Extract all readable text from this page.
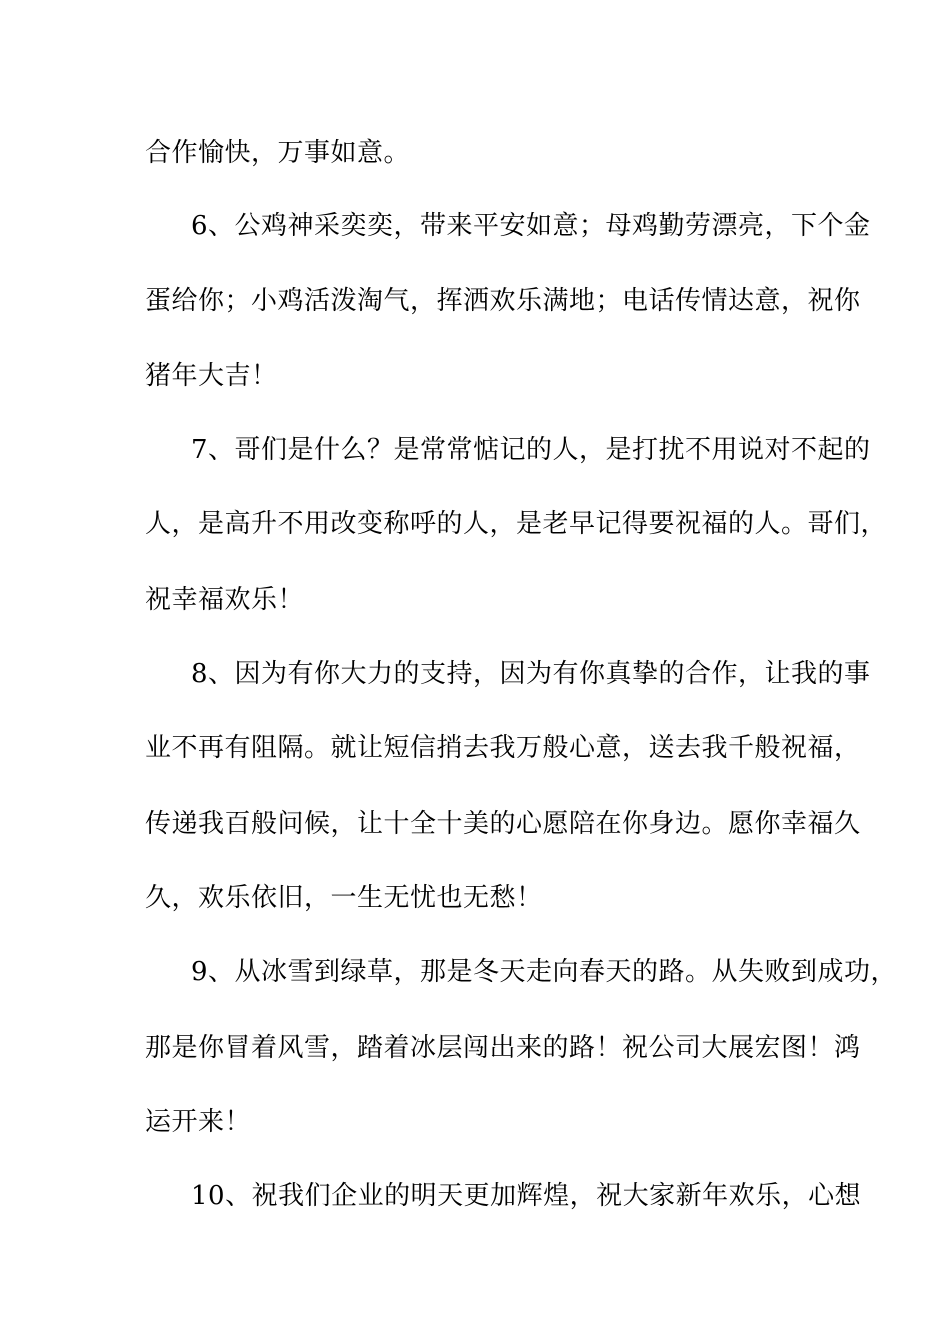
合作愉快，万事如意。
6、公鸡神采奕奕，带来平安如意；母鸡勤劳漂亮，下个金
蛋给你；小鸡活泼淘气，挥洒欢乐满地；电话传情达意，祝你
猪年大吉！
7、哥们是什么？是常常惦记的人，是打扰不用说对不起的
人，是高升不用改变称呼的人，是老早记得要祝福的人。哥们，
祝幸福欢乐！
8、因为有你大力的支持，因为有你真挚的合作，让我的事
业不再有阻隔。就让短信捎去我万般心意，送去我千般祝福，
传递我百般问候，让十全十美的心愿陪在你身边。愿你幸福久
久，欢乐依旧，一生无忧也无愁！
9、从冰雪到绿草，那是冬天走向春天的路。从失败到成功，
那是你冒着风雪，踏着冰层闯出来的路！祝公司大展宏图！鸿
运开来！
10、祝我们企业的明天更加辉煌，祝大家新年欢乐，心想
